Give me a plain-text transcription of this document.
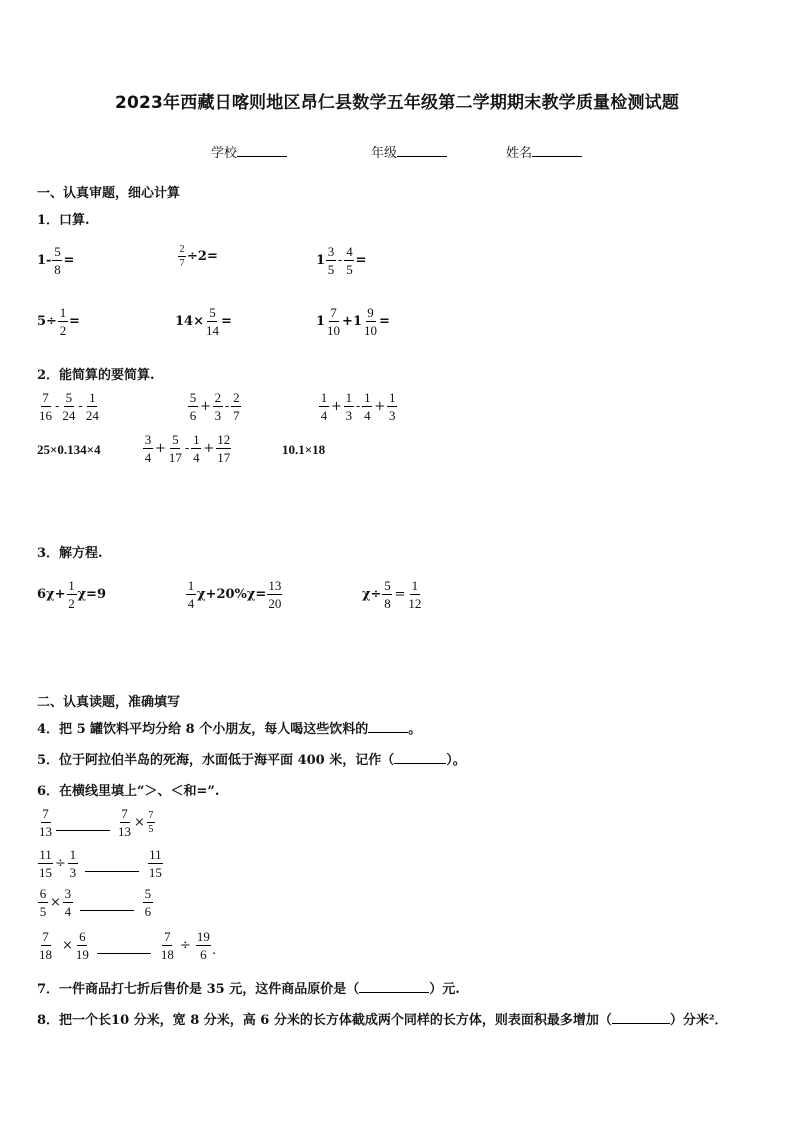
2023年西藏日喀则地区昂仁县数学五年级第二学期期末教学质量检测试题
学校	年级	姓名
一、认真审题，细心计算
1．口算.
$1- \frac{5}{8}$ =	$\frac{2}{7} \div 2=$	$1 \frac{3}{5} - \frac{4}{5}$ =
$5\div \frac{1}{2}$ =	$14\times \frac{5}{14}$ =	$1 \frac{7}{10} +1 \frac{9}{10}$ =
2．能简算的要简算.
$\frac{7}{16} - \frac{5}{24} - \frac{1}{24}$	$\frac{5}{6} + \frac{2}{3} - \frac{2}{7}$	$\frac{1}{4} + \frac{1}{3} - \frac{1}{4} + \frac{1}{3}$
25×0.134×4	$\frac{3}{4} + \frac{5}{17} - \frac{1}{4} + \frac{12}{17}$	10.1×18
3．解方程.
$6\chi+ \frac{1}{2} \chi=9$	$\frac{1}{4} \chi+20\%\chi= \frac{13}{20}$	$\chi\div \frac{5}{8} = \frac{1}{12}$
二、认真读题，准确填写
4．把 5 罐饮料平均分给 8 个小朋友，每人喝这些饮料的	。
5．位于阿拉伯半岛的死海，水面低于海平面 400 米，记作（	）。
6．在横线里填上“＞、＜和=”.
$\frac{7}{13}$	$\frac{7}{13} \times \frac{7}{5}$
$\frac{11}{15} \div \frac{1}{3}$	$\frac{11}{15}$
$\frac{6}{5} \times \frac{3}{4}$	$\frac{5}{6}$
$\frac{7}{18} \times \frac{6}{19}$	$\frac{7}{18} \div \frac{19}{6}$ .
7．一件商品打七折后售价是 35 元，这件商品原价是（	）元.
8．把一个长10 分米，宽 8 分米，高 6 分米的长方体截成两个同样的长方体，则表面积最多增加（	）分米²．
